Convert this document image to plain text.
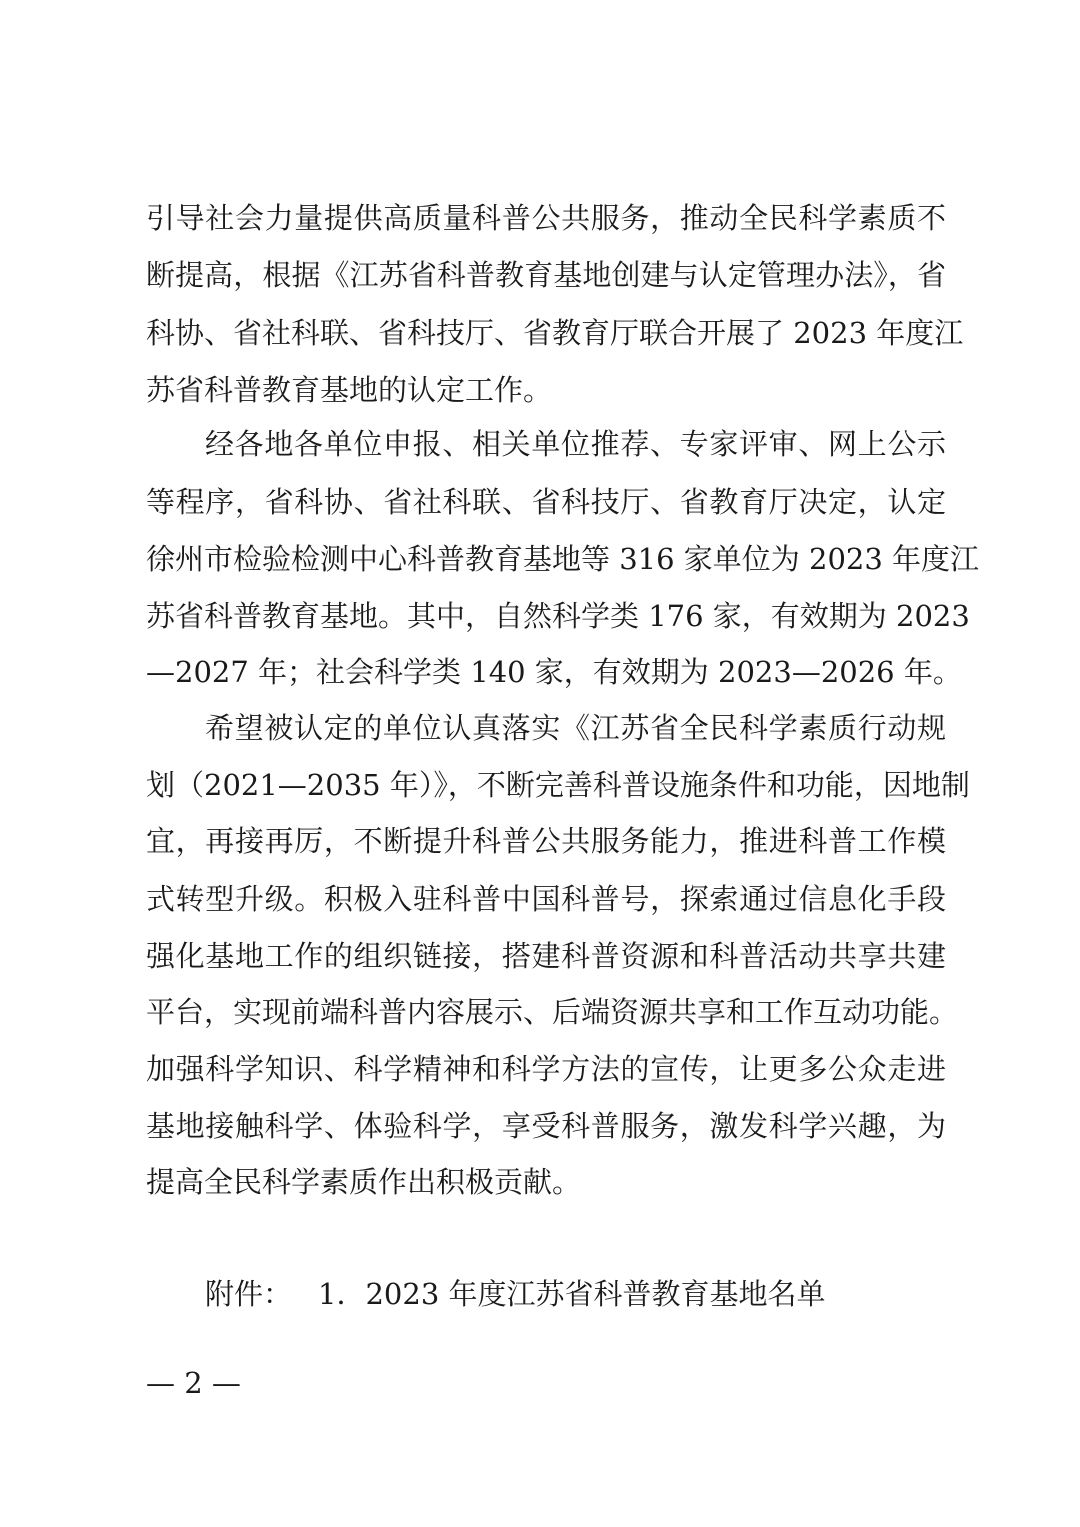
引导社会力量提供高质量科普公共服务，推动全民科学素质不
断提高，根据《江苏省科普教育基地创建与认定管理办法》，省
科协、省社科联、省科技厅、省教育厅联合开展了 2023 年度江
苏省科普教育基地的认定工作。
经各地各单位申报、相关单位推荐、专家评审、网上公示
等程序，省科协、省社科联、省科技厅、省教育厅决定，认定
徐州市检验检测中心科普教育基地等 316 家单位为 2023 年度江
苏省科普教育基地。其中，自然科学类 176 家，有效期为 2023
—2027 年；社会科学类 140 家，有效期为 2023—2026 年。
希望被认定的单位认真落实《江苏省全民科学素质行动规
划（2021—2035 年）》，不断完善科普设施条件和功能，因地制
宜，再接再厉，不断提升科普公共服务能力，推进科普工作模
式转型升级。积极入驻科普中国科普号，探索通过信息化手段
强化基地工作的组织链接，搭建科普资源和科普活动共享共建
平台，实现前端科普内容展示、后端资源共享和工作互动功能。
加强科学知识、科学精神和科学方法的宣传，让更多公众走进
基地接触科学、体验科学，享受科普服务，激发科学兴趣，为
提高全民科学素质作出积极贡献。
附件： 1．2023 年度江苏省科普教育基地名单
— 2 —
